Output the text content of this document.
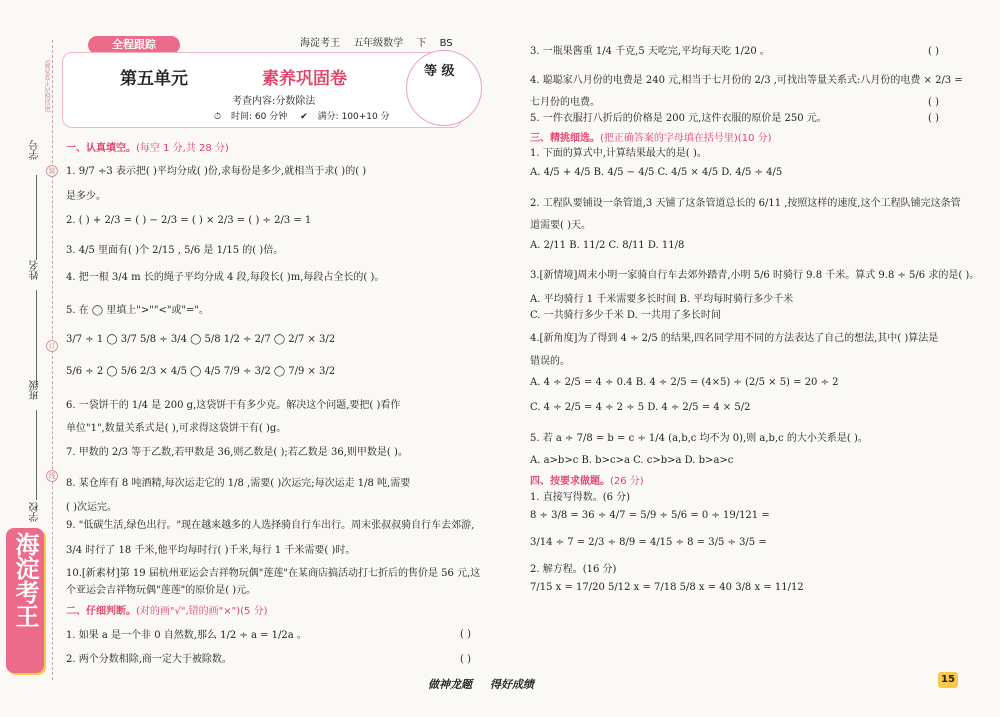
(密封线内不要答题)
学号
姓名
班级
学校
装
订
线
海淀考王
全程跟踪	海淀考王 五年级数学 下 BS
第五单元	素养巩固卷
考查内容:分数除法
⏱ 时间: 60 分钟 ✔ 满分: 100+10 分
等 级
一、认真填空。(每空 1 分,共 28 分)
1. 9/7 ÷3 表示把( )平均分成( )份,求每份是多少,就相当于求( )的( )
是多少。
2. ( ) + 2/3 = ( ) − 2/3 = ( ) × 2/3 = ( ) ÷ 2/3 = 1
3. 4/5 里面有( )个 2/15 , 5/6 是 1/15 的( )倍。
4. 把一根 3/4 m 长的绳子平均分成 4 段,每段长( )m,每段占全长的( )。
5. 在 ◯ 里填上">""<"或"="。
3/7 ÷ 1 ◯ 3/7 5/8 ÷ 3/4 ◯ 5/8 1/2 ÷ 2/7 ◯ 2/7 × 3/2
5/6 ÷ 2 ◯ 5/6 2/3 × 4/5 ◯ 4/5 7/9 ÷ 3/2 ◯ 7/9 × 3/2
6. 一袋饼干的 1/4 是 200 g,这袋饼干有多少克。解决这个问题,要把( )看作
单位"1",数量关系式是( ),可求得这袋饼干有( )g。
7. 甲数的 2/3 等于乙数,若甲数是 36,则乙数是( );若乙数是 36,则甲数是( )。
8. 某仓库有 8 吨酒精,每次运走它的 1/8 ,需要( )次运完;每次运走 1/8 吨,需要
( )次运完。
9. "低碳生活,绿色出行。"现在越来越多的人选择骑自行车出行。周末张叔叔骑自行车去郊游,
3/4 时行了 18 千米,他平均每时行( )千米,每行 1 千米需要( )时。
10.[新素材]第 19 届杭州亚运会吉祥物玩偶"莲莲"在某商店搞活动打七折后的售价是 56 元,这
个亚运会吉祥物玩偶"莲莲"的原价是( )元。
二、仔细判断。(对的画"√",错的画"×")(5 分)
1. 如果 a 是一个非 0 自然数,那么 1/2 ÷ a = 1/2a 。
2. 两个分数相除,商一定大于被除数。
( )
( )
3. 一瓶果酱重 1/4 千克,5 天吃完,平均每天吃 1/20 。
4. 聪聪家八月份的电费是 240 元,相当于七月份的 2/3 ,可找出等量关系式:八月份的电费 × 2/3 =
七月份的电费。
5. 一件衣服打八折后的价格是 200 元,这件衣服的原价是 250 元。
三、精挑细选。(把正确答案的字母填在括号里)(10 分)
1. 下面的算式中,计算结果最大的是( )。
A. 4/5 + 4/5 B. 4/5 − 4/5 C. 4/5 × 4/5 D. 4/5 ÷ 4/5
2. 工程队要铺设一条管道,3 天铺了这条管道总长的 6/11 ,按照这样的速度,这个工程队铺完这条管
道需要( )天。
A. 2/11 B. 11/2 C. 8/11 D. 11/8
3.[新情境]周末小明一家骑自行车去郊外踏青,小明 5/6 时骑行 9.8 千米。算式 9.8 ÷ 5/6 求的是( )。
A. 平均骑行 1 千米需要多长时间 B. 平均每时骑行多少千米
C. 一共骑行多少千米 D. 一共用了多长时间
4.[新角度]为了得到 4 ÷ 2/5 的结果,四名同学用不同的方法表达了自己的想法,其中( )算法是
错误的。
A. 4 ÷ 2/5 = 4 ÷ 0.4 B. 4 ÷ 2/5 = (4×5) ÷ (2/5 × 5) = 20 ÷ 2
C. 4 ÷ 2/5 = 4 ÷ 2 ÷ 5 D. 4 ÷ 2/5 = 4 × 5/2
5. 若 a ÷ 7/8 = b = c ÷ 1/4 (a,b,c 均不为 0),则 a,b,c 的大小关系是( )。
A. a>b>c B. b>c>a C. c>b>a D. b>a>c
四、按要求做题。(26 分)
1. 直接写得数。(6 分)
8 ÷ 3/8 = 36 ÷ 4/7 = 5/9 ÷ 5/6 = 0 ÷ 19/121 =
3/14 ÷ 7 = 2/3 ÷ 8/9 = 4/15 ÷ 8 = 3/5 ÷ 3/5 =
2. 解方程。(16 分)
7/15 x = 17/20 5/12 x = 7/18 5/8 x = 40 3/8 x = 11/12
( )
( )
( )
做神龙题 得好成绩	15
